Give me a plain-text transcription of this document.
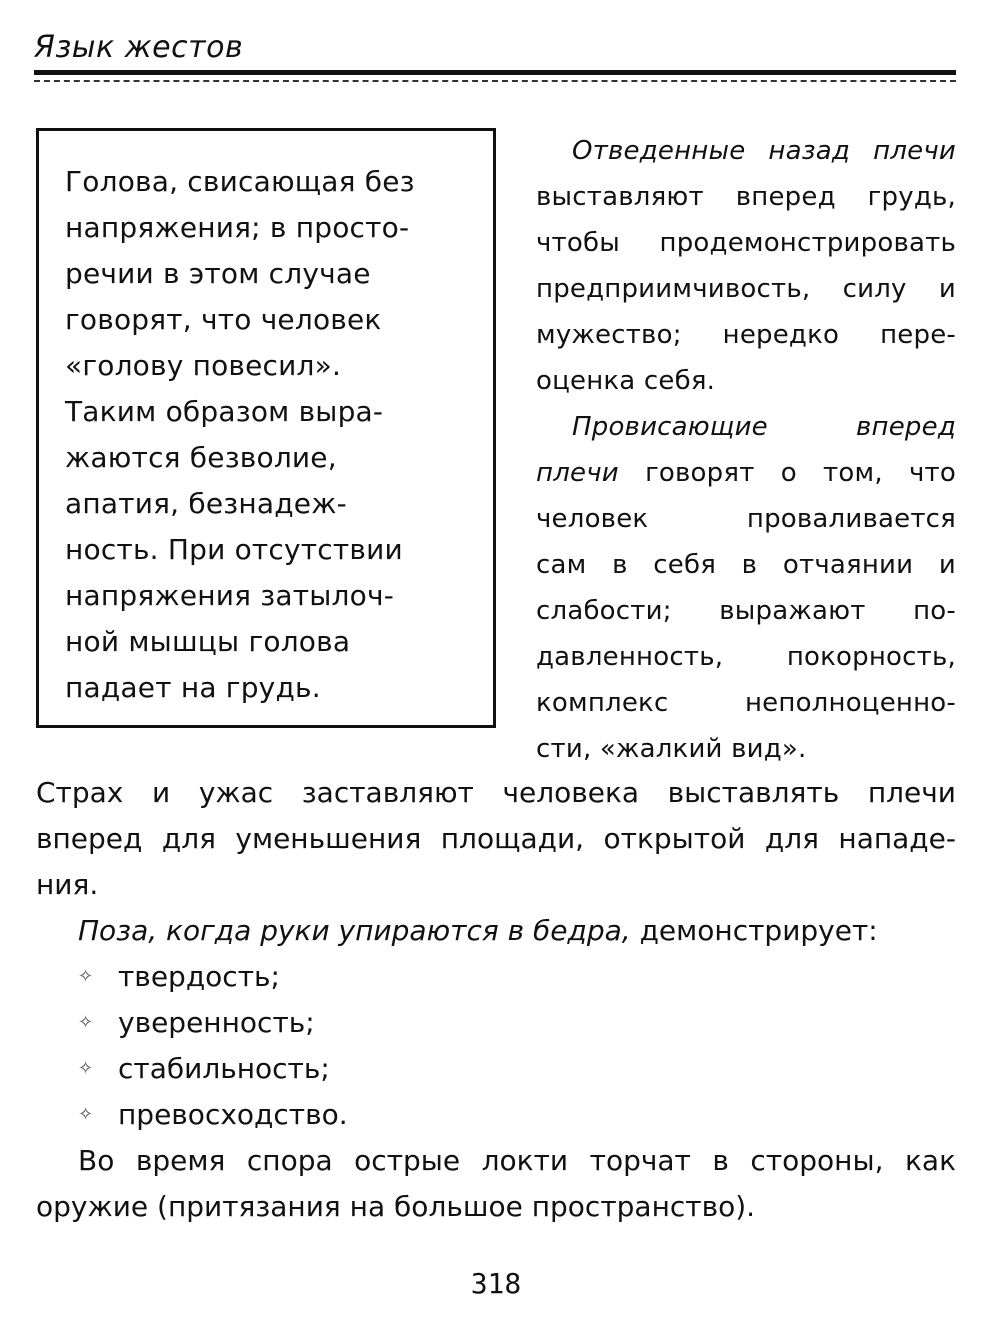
Язык жестов
Голова, свисающая без
напряжения; в просто-
речии в этом случае
говорят, что человек
«голову повесил».
Таким образом выра-
жаются безволие,
апатия, безнадеж-
ность. При отсутствии
напряжения затылоч-
ной мышцы голова
падает на грудь.
Отведенные назад плечи
выставляют вперед грудь,
чтобы продемонстрировать
предприимчивость, силу и
мужество; нередко пере-
оценка себя.
Провисающие вперед
плечи говорят о том, что
человек проваливается
сам в себя в отчаянии и
слабости; выражают по-
давленность, покорность,
комплекс неполноценно-
сти, «жалкий вид».
Страх и ужас заставляют человека выставлять плечи
вперед для уменьшения площади, открытой для нападе-
ния.
Поза, когда руки упираются в бедра, демонстрирует:
✧ твердость;
✧ уверенность;
✧ стабильность;
✧ превосходство.
Во время спора острые локти торчат в стороны, как
оружие (притязания на большое пространство).
318
